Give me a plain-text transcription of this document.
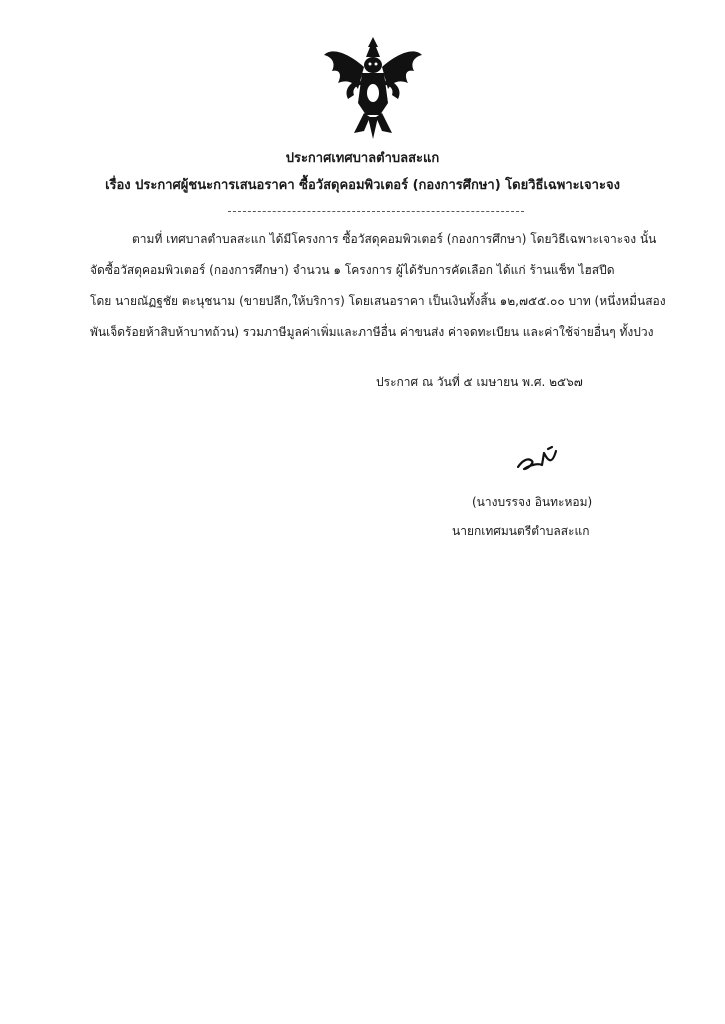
ประกาศเทศบาลตำบลสะแก
เรื่อง ประกาศผู้ชนะการเสนอราคา ซื้อวัสดุคอมพิวเตอร์ (กองการศึกษา) โดยวิธีเฉพาะเจาะจง
ตามที่ เทศบาลตำบลสะแก ได้มีโครงการ ซื้อวัสดุคอมพิวเตอร์ (กองการศึกษา) โดยวิธีเฉพาะเจาะจง นั้น
จัดซื้อวัสดุคอมพิวเตอร์ (กองการศึกษา) จำนวน ๑ โครงการ ผู้ได้รับการคัดเลือก ได้แก่ ร้านแช็ท ไฮสปีด
โดย นายณัฏฐชัย ตะนุชนาม (ขายปลีก,ให้บริการ) โดยเสนอราคา เป็นเงินทั้งสิ้น ๑๒,๗๕๕.๐๐ บาท (หนึ่งหมื่นสอง
พันเจ็ดร้อยห้าสิบห้าบาทถ้วน) รวมภาษีมูลค่าเพิ่มและภาษีอื่น ค่าขนส่ง ค่าจดทะเบียน และค่าใช้จ่ายอื่นๆ ทั้งปวง
ประกาศ ณ วันที่ ๕ เมษายน พ.ศ. ๒๕๖๗
(นางบรรจง อินทะหอม)
นายกเทศมนตรีตำบลสะแก
